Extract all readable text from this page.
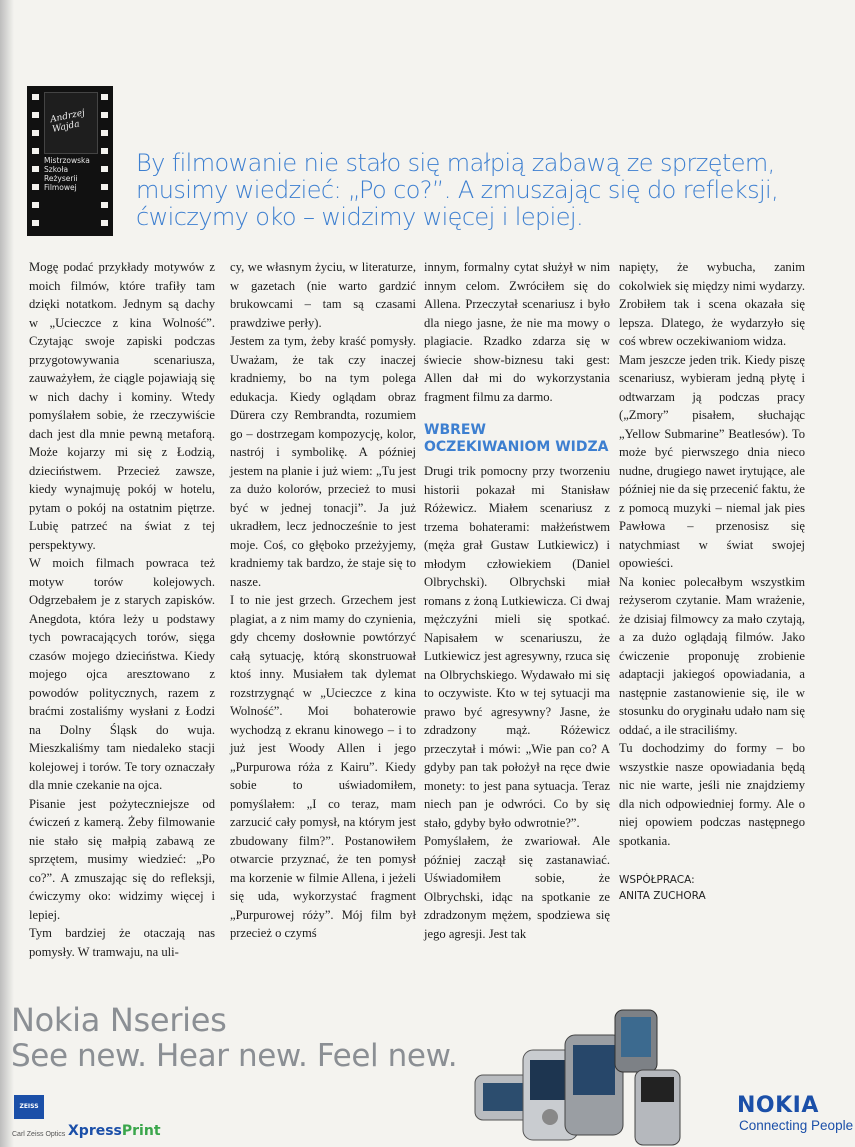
Andrzej Wajda
Mistrzowska
Szkoła
Reżyserii
Filmowej

By filmowanie nie stało się małpią zabawą ze sprzętem, musimy wiedzieć: „Po co?”. A zmuszając się do refleksji, ćwiczymy oko – widzimy więcej i lepiej.

Mogę podać przykłady motywów z moich filmów, które trafiły tam dzięki notatkom. Jednym są dachy w „Ucieczce z kina Wolność”. Czytając swoje zapiski podczas przygotowywania scenariusza, zauważyłem, że ciągle pojawiają się w nich dachy i kominy. Wtedy pomyślałem sobie, że rzeczywiście dach jest dla mnie pewną metaforą. Może kojarzy mi się z Łodzią, dzieciństwem. Przecież zawsze, kiedy wynajmuję pokój w hotelu, pytam o pokój na ostatnim piętrze. Lubię patrzeć na świat z tej perspektywy.

W moich filmach powraca też motyw torów kolejowych. Odgrzebałem je z starych zapisków. Anegdota, która leży u podstawy tych powracających torów, sięga czasów mojego dzieciństwa. Kiedy mojego ojca aresztowano z powodów politycznych, razem z braćmi zostaliśmy wysłani z Łodzi na Dolny Śląsk do wuja. Mieszkaliśmy tam niedaleko stacji kolejowej i torów. Te tory oznaczały dla mnie czekanie na ojca.

Pisanie jest pożyteczniejsze od ćwiczeń z kamerą. Żeby filmowanie nie stało się małpią zabawą ze sprzętem, musimy wiedzieć: „Po co?”. A zmuszając się do refleksji, ćwiczymy oko: widzimy więcej i lepiej.

Tym bardziej że otaczają nas pomysły. W tramwaju, na uli-

cy, we własnym życiu, w literaturze, w gazetach (nie warto gardzić brukowcami – tam są czasami prawdziwe perły).

Jestem za tym, żeby kraść pomysły. Uważam, że tak czy inaczej kradniemy, bo na tym polega edukacja. Kiedy oglądam obraz Dürera czy Rembrandta, rozumiem go – dostrzegam kompozycję, kolor, nastrój i symbolikę. A później jestem na planie i już wiem: „Tu jest za dużo kolorów, przecież to musi być w jednej tonacji”. Ja już ukradłem, lecz jednocześnie to jest moje. Coś, co głęboko przeżyjemy, kradniemy tak bardzo, że staje się to nasze.

I to nie jest grzech. Grzechem jest plagiat, a z nim mamy do czynienia, gdy chcemy dosłownie powtórzyć całą sytuację, którą skonstruował ktoś inny. Musiałem tak dylemat rozstrzygnąć w „Ucieczce z kina Wolność”. Moi bohaterowie wychodzą z ekranu kinowego – i to już jest Woody Allen i jego „Purpurowa róża z Kairu”. Kiedy sobie to uświadomiłem, pomyślałem: „I co teraz, mam zarzucić cały pomysł, na którym jest zbudowany film?”. Postanowiłem otwarcie przyznać, że ten pomysł ma korzenie w filmie Allena, i jeżeli się uda, wykorzystać fragment „Purpurowej róży”. Mój film był przecież o czymś

innym, formalny cytat służył w nim innym celom. Zwróciłem się do Allena. Przeczytał scenariusz i było dla niego jasne, że nie ma mowy o plagiacie. Rzadko zdarza się w świecie show-biznesu taki gest: Allen dał mi do wykorzystania fragment filmu za darmo.

WBREW OCZEKIWANIOM WIDZA

Drugi trik pomocny przy tworzeniu historii pokazał mi Stanisław Różewicz. Miałem scenariusz z trzema bohaterami: małżeństwem (męża grał Gustaw Lutkiewicz) i młodym człowiekiem (Daniel Olbrychski). Olbrychski miał romans z żoną Lutkiewicza. Ci dwaj mężczyźni mieli się spotkać. Napisałem w scenariuszu, że Lutkiewicz jest agresywny, rzuca się na Olbrychskiego. Wydawało mi się to oczywiste. Kto w tej sytuacji ma prawo być agresywny? Jasne, że zdradzony mąż. Różewicz przeczytał i mówi: „Wie pan co? A gdyby pan tak położył na ręce dwie monety: to jest pana sytuacja. Teraz niech pan je odwróci. Co by się stało, gdyby było odwrotnie?”.

Pomyślałem, że zwariował. Ale później zaczął się zastanawiać. Uświadomiłem sobie, że Olbrychski, idąc na spotkanie ze zdradzonym mężem, spodziewa się jego agresji. Jest tak

napięty, że wybucha, zanim cokolwiek się między nimi wydarzy. Zrobiłem tak i scena okazała się lepsza. Dlatego, że wydarzyło się coś wbrew oczekiwaniom widza.

Mam jeszcze jeden trik. Kiedy piszę scenariusz, wybieram jedną płytę i odtwarzam ją podczas pracy („Zmory” pisałem, słuchając „Yellow Submarine” Beatlesów). To może być pierwszego dnia nieco nudne, drugiego nawet irytujące, ale później nie da się przecenić faktu, że z pomocą muzyki – niemal jak pies Pawłowa – przenosisz się natychmiast w świat swojej opowieści.

Na koniec polecałbym wszystkim reżyserom czytanie. Mam wrażenie, że dzisiaj filmowcy za mało czytają, a za dużo oglądają filmów. Jako ćwiczenie proponuję zrobienie adaptacji jakiegoś opowiadania, a następnie zastanowienie się, ile w stosunku do oryginału udało nam się oddać, a ile straciliśmy.

Tu dochodzimy do formy – bo wszystkie nasze opowiadania będą nic nie warte, jeśli nie znajdziemy dla nich odpowiedniej formy. Ale o niej opowiem podczas następnego spotkania.

WSPÓŁPRACA:
ANITA ZUCHORA
Nokia Nseries

See new. Hear new. Feel new.

ZEISS
Carl Zeiss Optics XpressPrint
NOKIA
Connecting People
